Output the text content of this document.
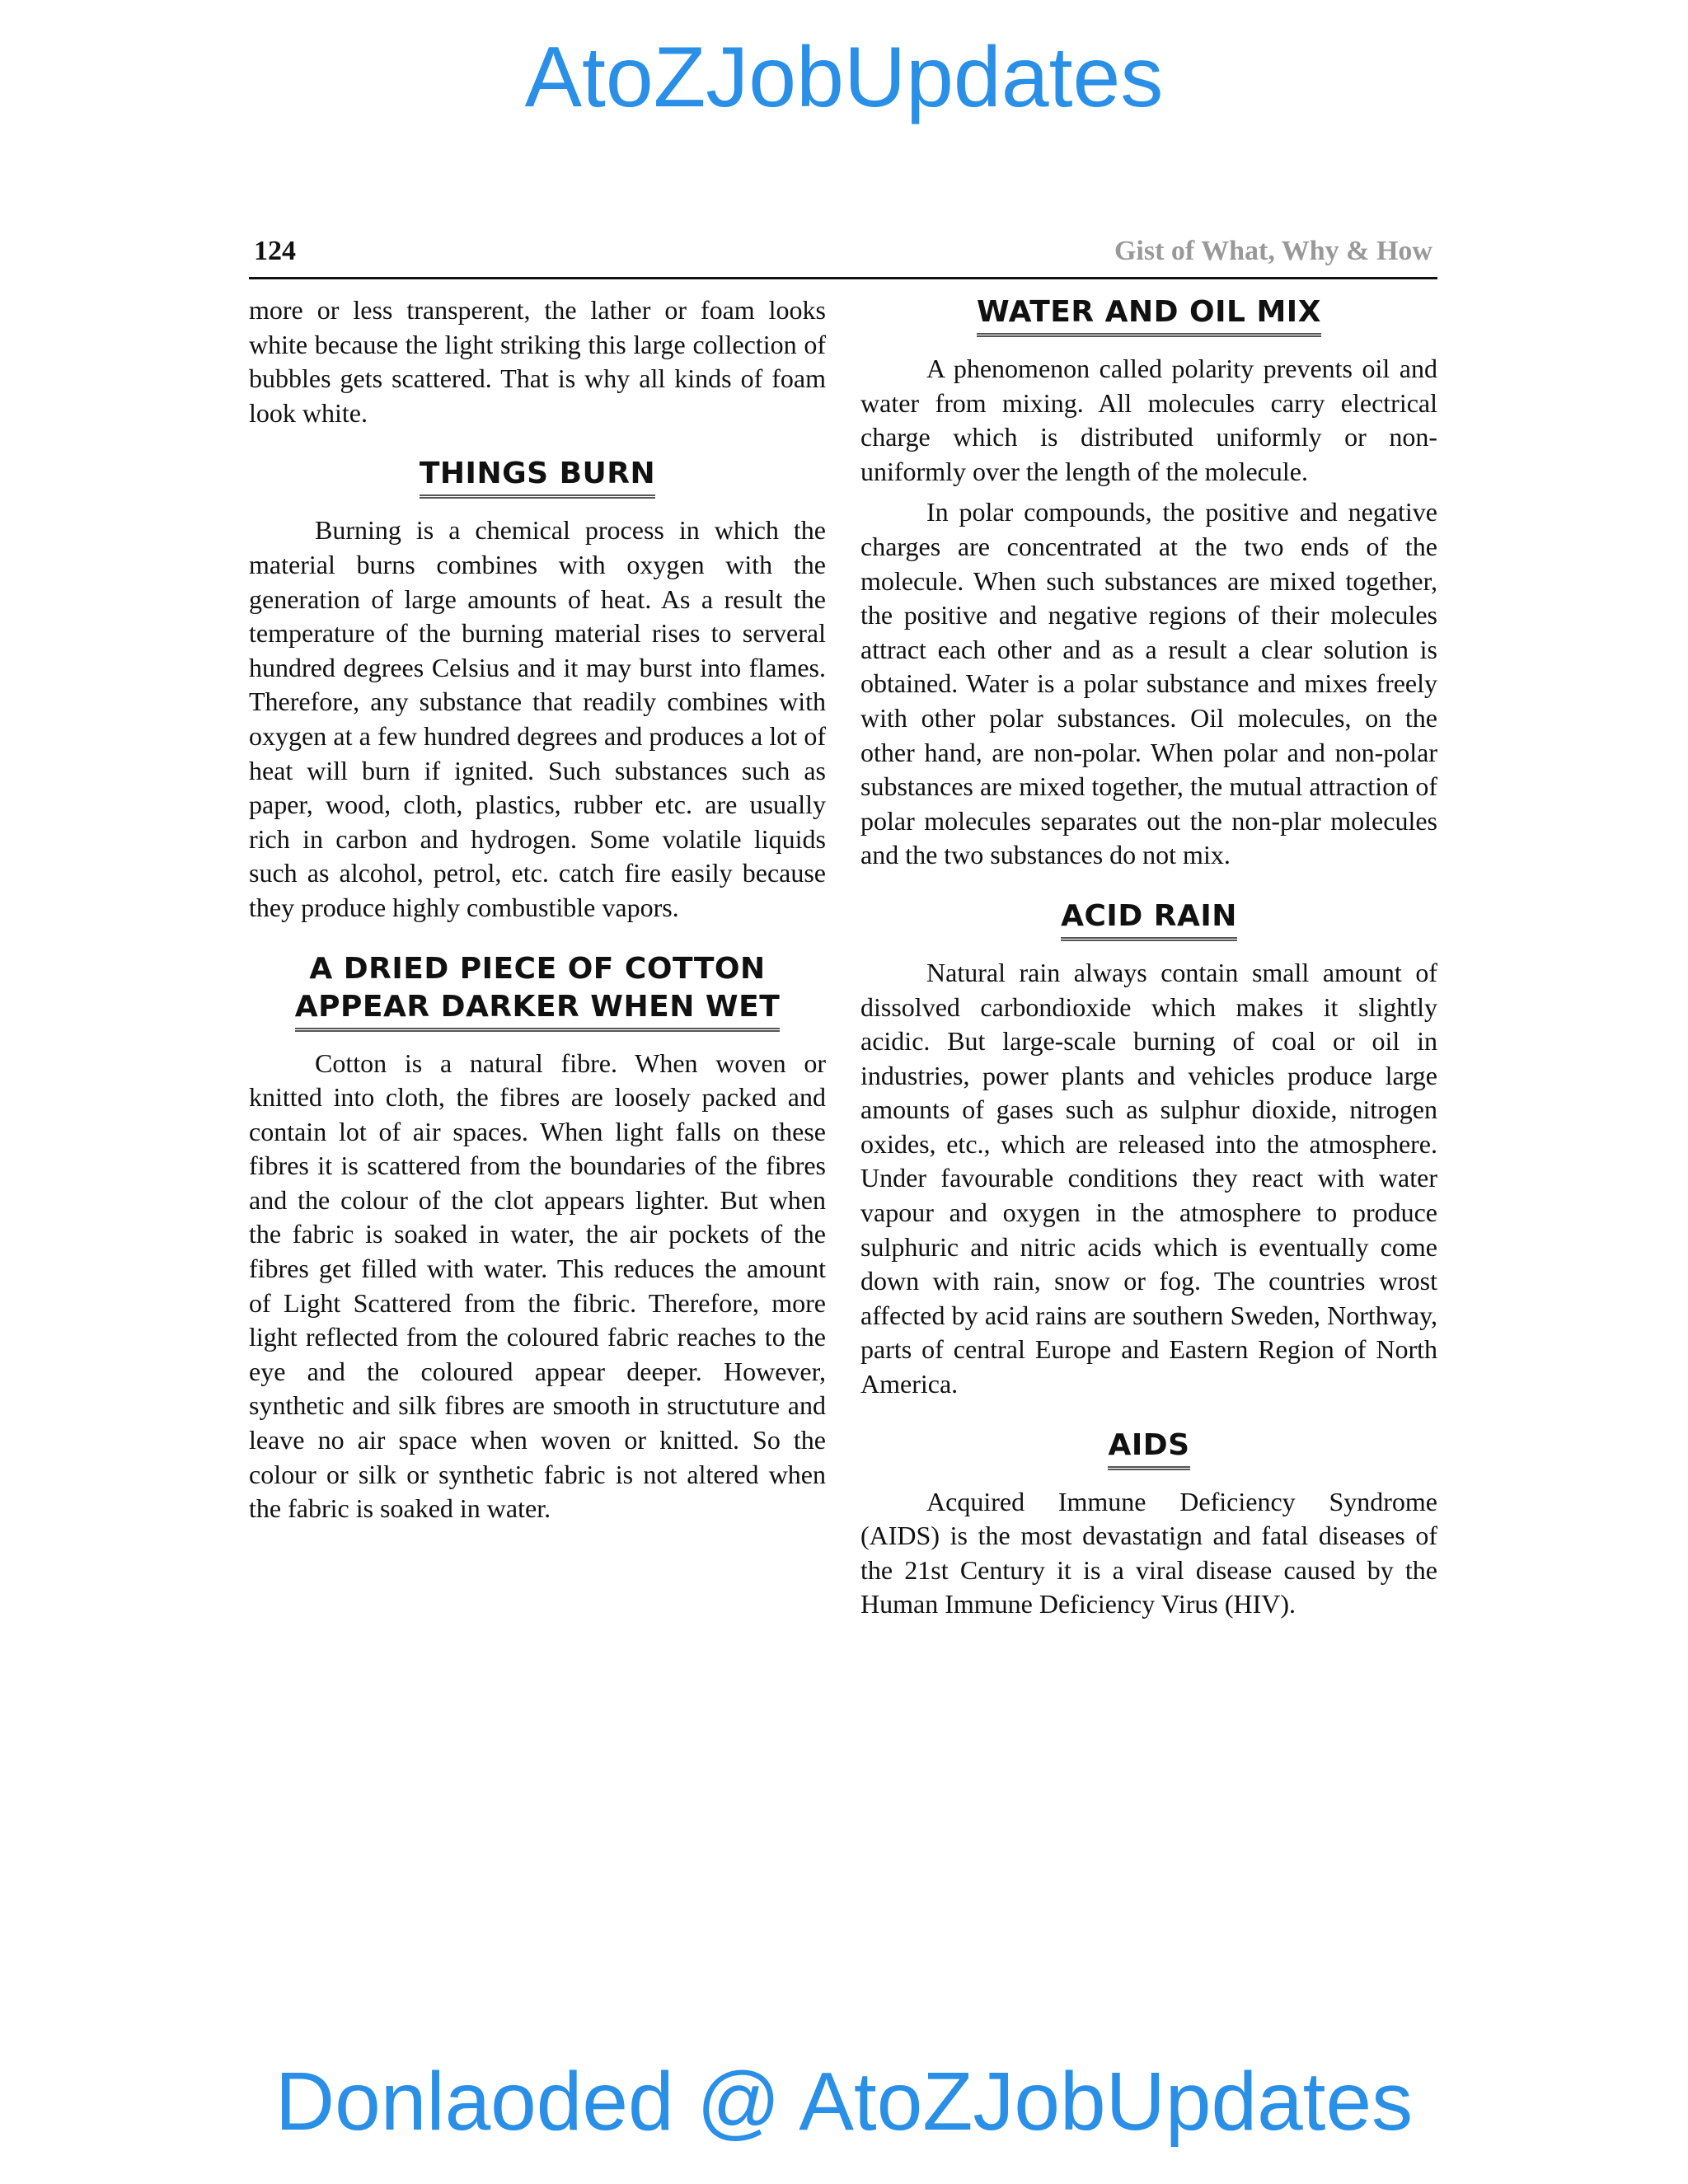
AtoZJobUpdates
124	Gist of What, Why & How

more or less transperent, the lather or foam looks white because the light striking this large collection of bubbles gets scattered. That is why all kinds of foam look white.

THINGS BURN

Burning is a chemical process in which the material burns combines with oxygen with the generation of large amounts of heat. As a result the temperature of the burning material rises to serveral hundred degrees Celsius and it may burst into flames. Therefore, any substance that readily combines with oxygen at a few hundred degrees and produces a lot of heat will burn if ignited. Such substances such as paper, wood, cloth, plastics, rubber etc. are usually rich in carbon and hydrogen. Some volatile liquids such as alcohol, petrol, etc. catch fire easily because they produce highly combustible vapors.

A DRIED PIECE OF COTTON
APPEAR DARKER WHEN WET

Cotton is a natural fibre. When woven or knitted into cloth, the fibres are loosely packed and contain lot of air spaces. When light falls on these fibres it is scattered from the boundaries of the fibres and the colour of the clot appears lighter. But when the fabric is soaked in water, the air pockets of the fibres get filled with water. This reduces the amount of Light Scattered from the fibric. Therefore, more light reflected from the coloured fabric reaches to the eye and the coloured appear deeper. However, synthetic and silk fibres are smooth in structuture and leave no air space when woven or knitted. So the colour or silk or synthetic fabric is not altered when the fabric is soaked in water.

WATER AND OIL MIX

A phenomenon called polarity prevents oil and water from mixing. All molecules carry electrical charge which is distributed uniformly or non-uniformly over the length of the molecule.

In polar compounds, the positive and negative charges are concentrated at the two ends of the molecule. When such substances are mixed together, the positive and negative regions of their molecules attract each other and as a result a clear solution is obtained. Water is a polar substance and mixes freely with other polar substances. Oil molecules, on the other hand, are non-polar. When polar and non-polar substances are mixed together, the mutual attraction of polar molecules separates out the non-plar molecules and the two substances do not mix.

ACID RAIN

Natural rain always contain small amount of dissolved carbondioxide which makes it slightly acidic. But large-scale burning of coal or oil in industries, power plants and vehicles produce large amounts of gases such as sulphur dioxide, nitrogen oxides, etc., which are released into the atmosphere. Under favourable conditions they react with water vapour and oxygen in the atmosphere to produce sulphuric and nitric acids which is eventually come down with rain, snow or fog. The countries wrost affected by acid rains are southern Sweden, Northway, parts of central Europe and Eastern Region of North America.

AIDS

Acquired Immune Deficiency Syndrome (AIDS) is the most devastatign and fatal diseases of the 21st Century it is a viral disease caused by the Human Immune Deficiency Virus (HIV).

Donlaoded @ AtoZJobUpdates
